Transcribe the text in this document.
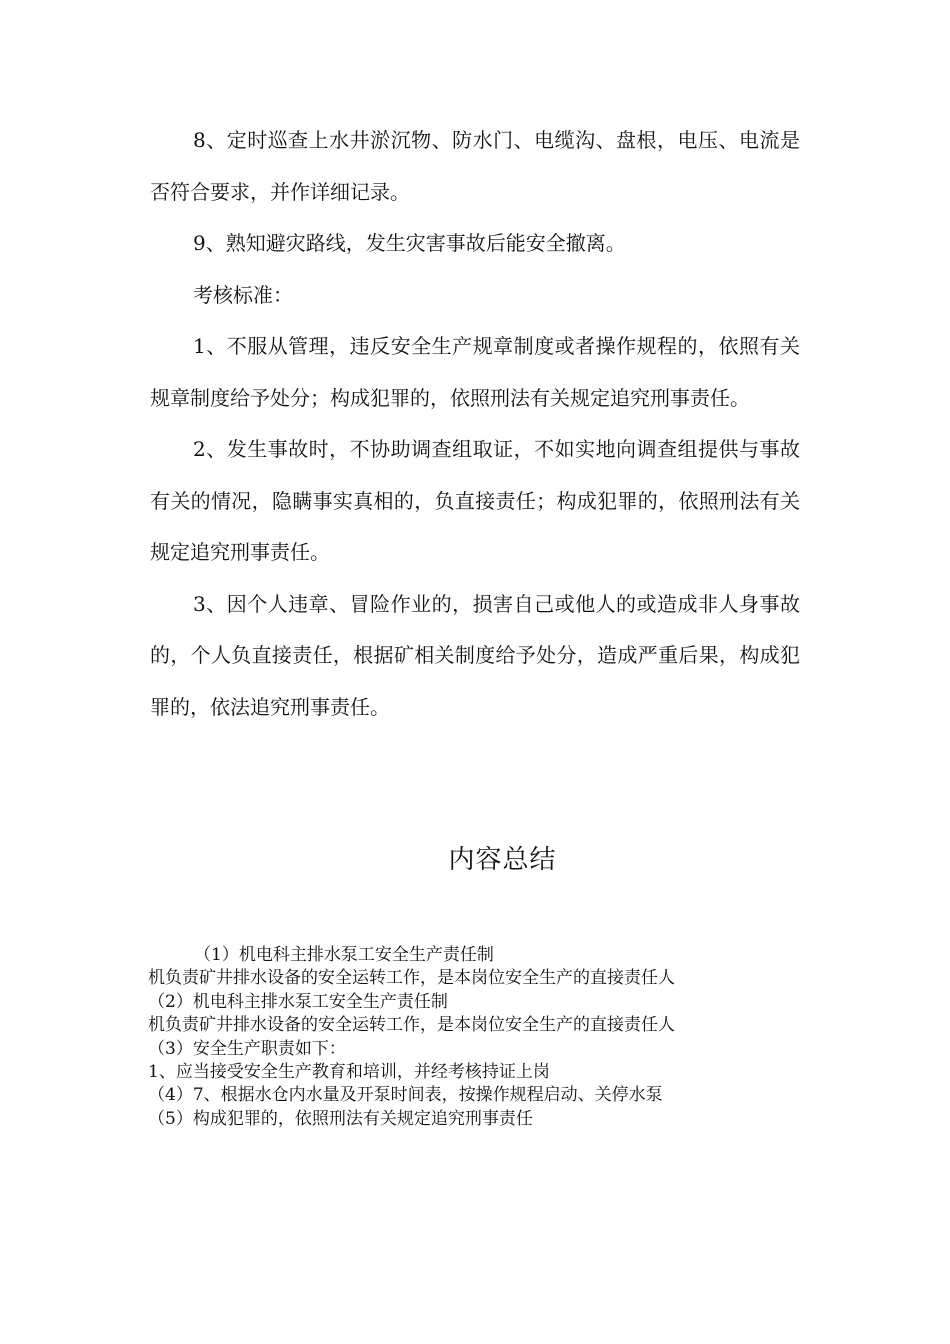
8、定时巡查上水井淤沉物、防水门、电缆沟、盘根，电压、电流是否符合要求，并作详细记录。

9、熟知避灾路线，发生灾害事故后能安全撤离。

考核标准：

1、不服从管理，违反安全生产规章制度或者操作规程的，依照有关规章制度给予处分；构成犯罪的，依照刑法有关规定追究刑事责任。

2、发生事故时，不协助调查组取证，不如实地向调查组提供与事故有关的情况，隐瞒事实真相的，负直接责任；构成犯罪的，依照刑法有关规定追究刑事责任。

3、因个人违章、冒险作业的，损害自己或他人的或造成非人身事故的，个人负直接责任，根据矿相关制度给予处分，造成严重后果，构成犯罪的，依法追究刑事责任。

内容总结

（1）机电科主排水泵工安全生产责任制

机负责矿井排水设备的安全运转工作，是本岗位安全生产的直接责任人

（2）机电科主排水泵工安全生产责任制

机负责矿井排水设备的安全运转工作，是本岗位安全生产的直接责任人

（3）安全生产职责如下：

1、应当接受安全生产教育和培训，并经考核持证上岗

（4）7、根据水仓内水量及开泵时间表，按操作规程启动、关停水泵

（5）构成犯罪的，依照刑法有关规定追究刑事责任
